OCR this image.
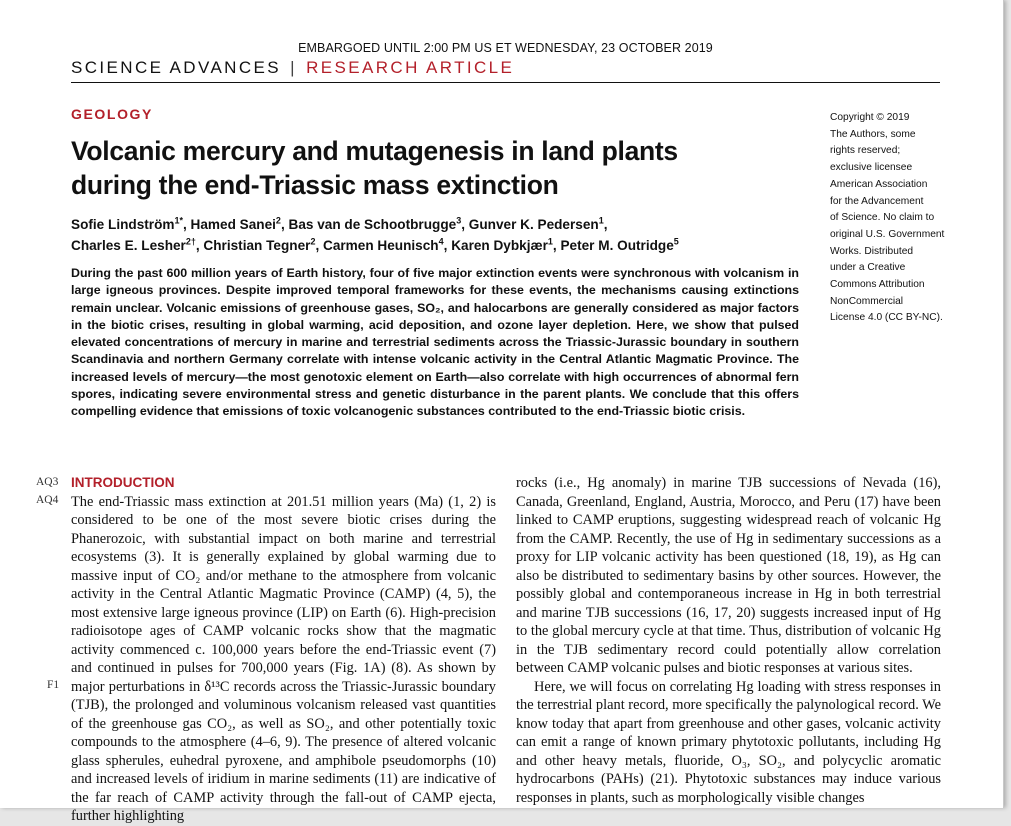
EMBARGOED UNTIL 2:00 PM US ET WEDNESDAY, 23 OCTOBER 2019
SCIENCE ADVANCES | RESEARCH ARTICLE
GEOLOGY
Volcanic mercury and mutagenesis in land plants
during the end-Triassic mass extinction
Sofie Lindström$^{1*}$, Hamed Sanei$^2$, Bas van de Schootbrugge$^3$, Gunver K. Pedersen$^1$,
Charles E. Lesher$^{2\dagger}$, Christian Tegner$^2$, Carmen Heunisch$^4$, Karen Dybkjær$^1$, Peter M. Outridge$^5$
Copyright © 2019
The Authors, some
rights reserved;
exclusive licensee
American Association
for the Advancement
of Science. No claim to
original U.S. Government
Works. Distributed
under a Creative
Commons Attribution
NonCommercial
License 4.0 (CC BY-NC).

During the past 600 million years of Earth history, four of five major extinction events were synchronous with volcanism in large igneous provinces. Despite improved temporal frameworks for these events, the mechanisms causing extinctions remain unclear. Volcanic emissions of greenhouse gases, SO₂, and halocarbons are generally considered as major factors in the biotic crises, resulting in global warming, acid deposition, and ozone layer depletion. Here, we show that pulsed elevated concentrations of mercury in marine and terrestrial sediments across the Triassic-Jurassic boundary in southern Scandinavia and northern Germany correlate with intense volcanic activity in the Central Atlantic Magmatic Province. The increased levels of mercury—the most genotoxic element on Earth—also correlate with high occurrences of abnormal fern spores, indicating severe environmental stress and genetic disturbance in the parent plants. We conclude that this offers compelling evidence that emissions of toxic volcanogenic substances contributed to the end-Triassic biotic crisis.

AQ3
AQ4
F1
INTRODUCTION

The end-Triassic mass extinction at 201.51 million years (Ma) (1, 2) is considered to be one of the most severe biotic crises during the Phanerozoic, with substantial impact on both marine and terrestrial ecosystems (3). It is generally explained by global warming due to massive input of CO₂ and/or methane to the atmosphere from volcanic activity in the Central Atlantic Magmatic Province (CAMP) (4, 5), the most extensive large igneous province (LIP) on Earth (6). High-precision radioisotope ages of CAMP volcanic rocks show that the magmatic activity commenced c. 100,000 years before the end-Triassic event (7) and continued in pulses for 700,000 years (Fig. 1A) (8). As shown by major perturbations in δ¹³C records across the Triassic-Jurassic boundary (TJB), the prolonged and voluminous volcanism released vast quantities of the greenhouse gas CO₂, as well as SO₂, and other potentially toxic compounds to the atmosphere (4–6, 9). The presence of altered volcanic glass spherules, euhedral pyroxene, and amphibole pseudomorphs (10) and increased levels of iridium in marine sediments (11) are indicative of the far reach of CAMP activity through the fall-out of CAMP ejecta, further highlighting

rocks (i.e., Hg anomaly) in marine TJB successions of Nevada (16), Canada, Greenland, England, Austria, Morocco, and Peru (17) have been linked to CAMP eruptions, suggesting widespread reach of volcanic Hg from the CAMP. Recently, the use of Hg in sedimentary successions as a proxy for LIP volcanic activity has been questioned (18, 19), as Hg can also be distributed to sedimentary basins by other sources. However, the possibly global and contemporaneous increase in Hg in both terrestrial and marine TJB successions (16, 17, 20) suggests increased input of Hg to the global mercury cycle at that time. Thus, distribution of volcanic Hg in the TJB sedimentary record could potentially allow correlation between CAMP volcanic pulses and biotic responses at various sites.

Here, we will focus on correlating Hg loading with stress responses in the terrestrial plant record, more specifically the palynological record. We know today that apart from greenhouse and other gases, volcanic activity can emit a range of known primary phytotoxic pollutants, including Hg and other heavy metals, fluoride, O₃, SO₂, and polycyclic aromatic hydrocarbons (PAHs) (21). Phytotoxic substances may induce various responses in plants, such as morphologically visible changes
